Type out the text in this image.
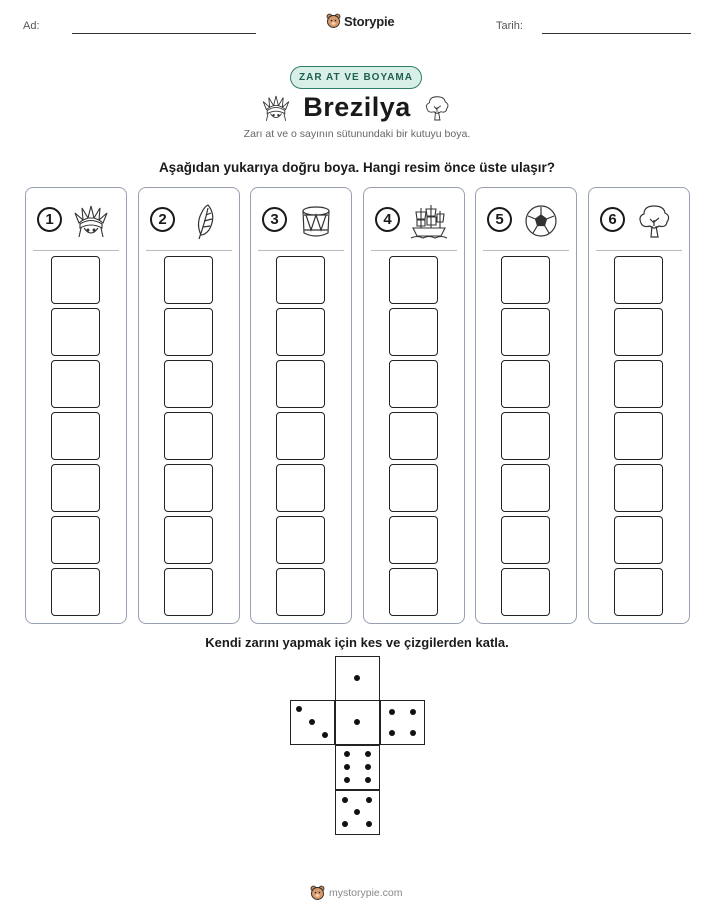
Ad:	Storypie	Tarih:
ZAR AT VE BOYAMA
Brezilya
Zarı at ve o sayının sütunundaki bir kutuyu boya.
Aşağıdan yukarıya doğru boya. Hangi resim önce üste ulaşır?
1	2	3	4	5	6
Kendi zarını yapmak için kes ve çizgilerden katla.
mystorypie.com
